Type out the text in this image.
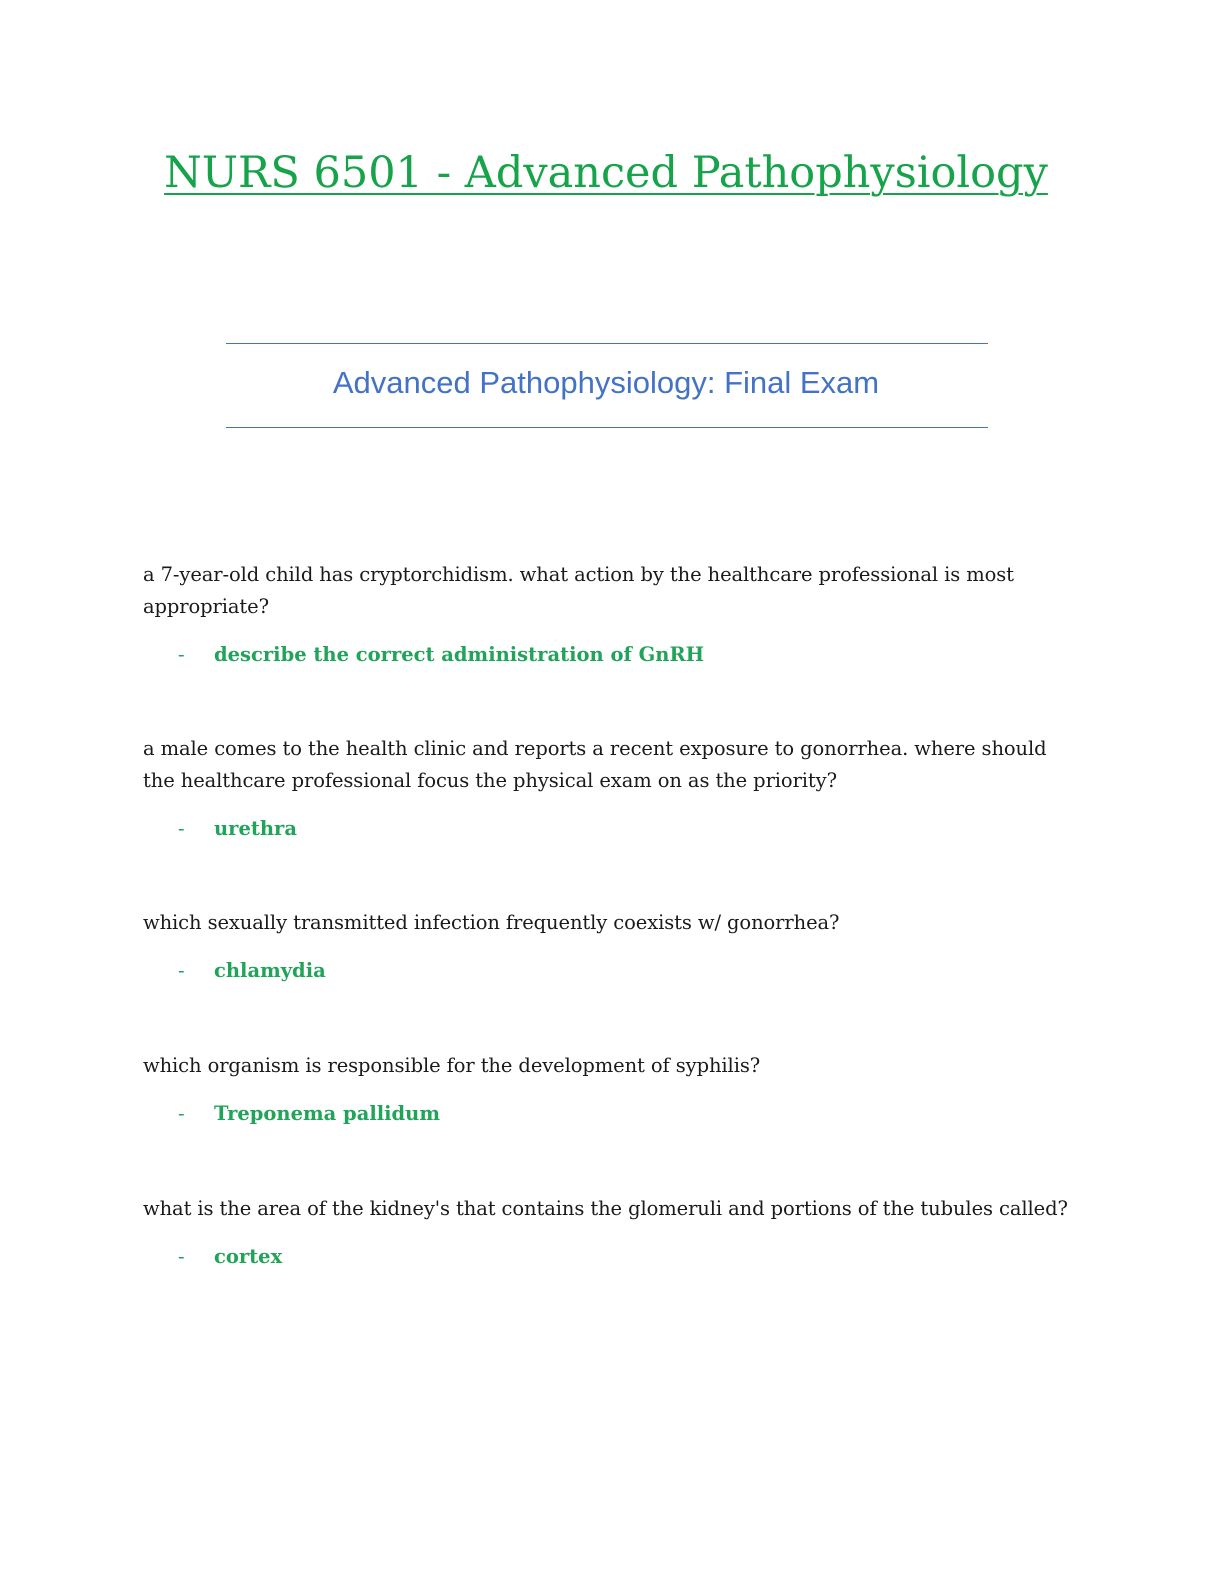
NURS 6501 - Advanced Pathophysiology
Advanced Pathophysiology: Final Exam

a 7-year-old child has cryptorchidism. what action by the healthcare professional is most appropriate?

-	describe the correct administration of GnRH

a male comes to the health clinic and reports a recent exposure to gonorrhea. where should the healthcare professional focus the physical exam on as the priority?

-	urethra

which sexually transmitted infection frequently coexists w/ gonorrhea?

-	chlamydia

which organism is responsible for the development of syphilis?

-	Treponema pallidum

what is the area of the kidney's that contains the glomeruli and portions of the tubules called?

-	cortex
